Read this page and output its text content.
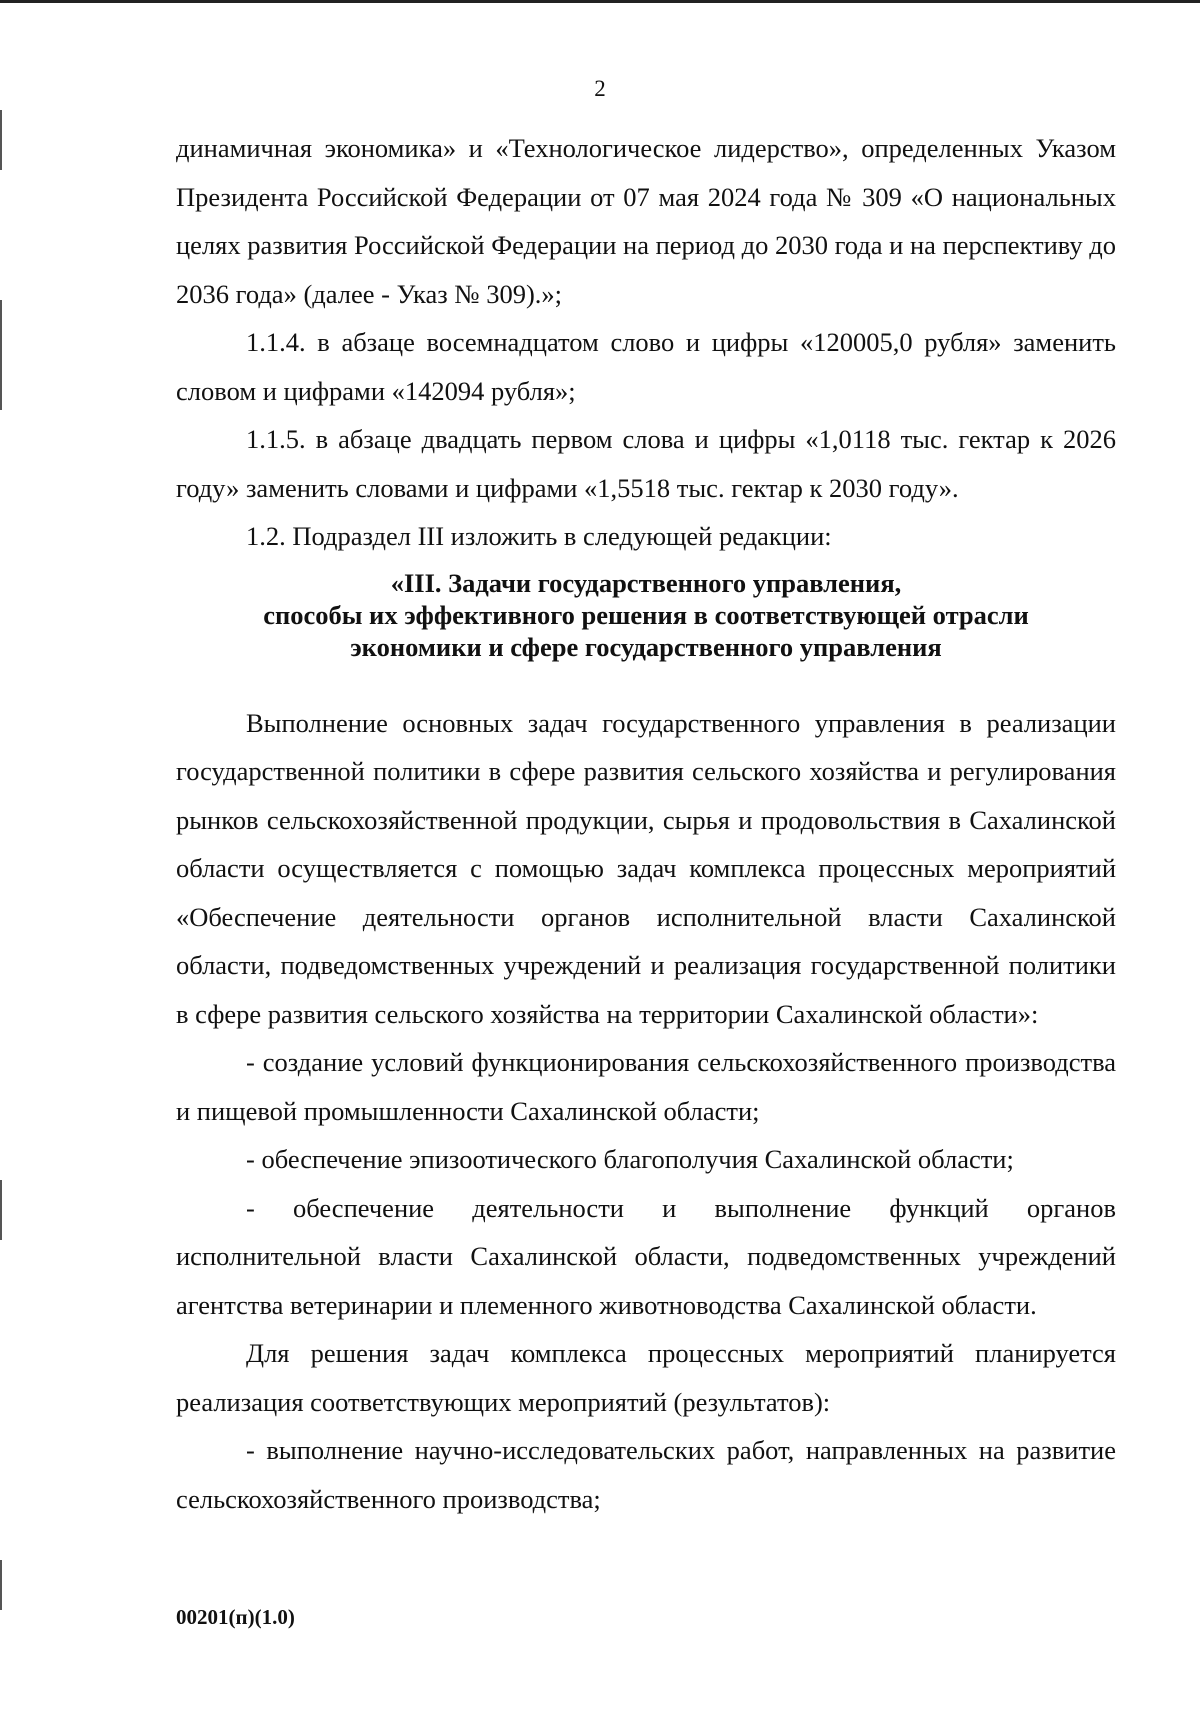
2

динамичная экономика» и «Технологическое лидерство», определенных Указом Президента Российской Федерации от 07 мая 2024 года № 309 «О национальных целях развития Российской Федерации на период до 2030 года и на перспективу до 2036 года» (далее - Указ № 309).»;

1.1.4. в абзаце восемнадцатом слово и цифры «120005,0 рубля» заменить словом и цифрами «142094 рубля»;

1.1.5. в абзаце двадцать первом слова и цифры «1,0118 тыс. гектар к 2026 году» заменить словами и цифрами «1,5518 тыс. гектар к 2030 году».

1.2. Подраздел III изложить в следующей редакции:

«III. Задачи государственного управления,
способы их эффективного решения в соответствующей отрасли
экономики и сфере государственного управления

Выполнение основных задач государственного управления в реализации государственной политики в сфере развития сельского хозяйства и регулирования рынков сельскохозяйственной продукции, сырья и продовольствия в Сахалинской области осуществляется с помощью задач комплекса процессных мероприятий «Обеспечение деятельности органов исполнительной власти Сахалинской области, подведомственных учреждений и реализация государственной политики в сфере развития сельского хозяйства на территории Сахалинской области»:

- создание условий функционирования сельскохозяйственного производства и пищевой промышленности Сахалинской области;

- обеспечение эпизоотического благополучия Сахалинской области;

- обеспечение деятельности и выполнение функций органов исполнительной власти Сахалинской области, подведомственных учреждений агентства ветеринарии и племенного животноводства Сахалинской области.

Для решения задач комплекса процессных мероприятий планируется реализация соответствующих мероприятий (результатов):

- выполнение научно-исследовательских работ, направленных на развитие сельскохозяйственного производства;

00201(п)(1.0)
